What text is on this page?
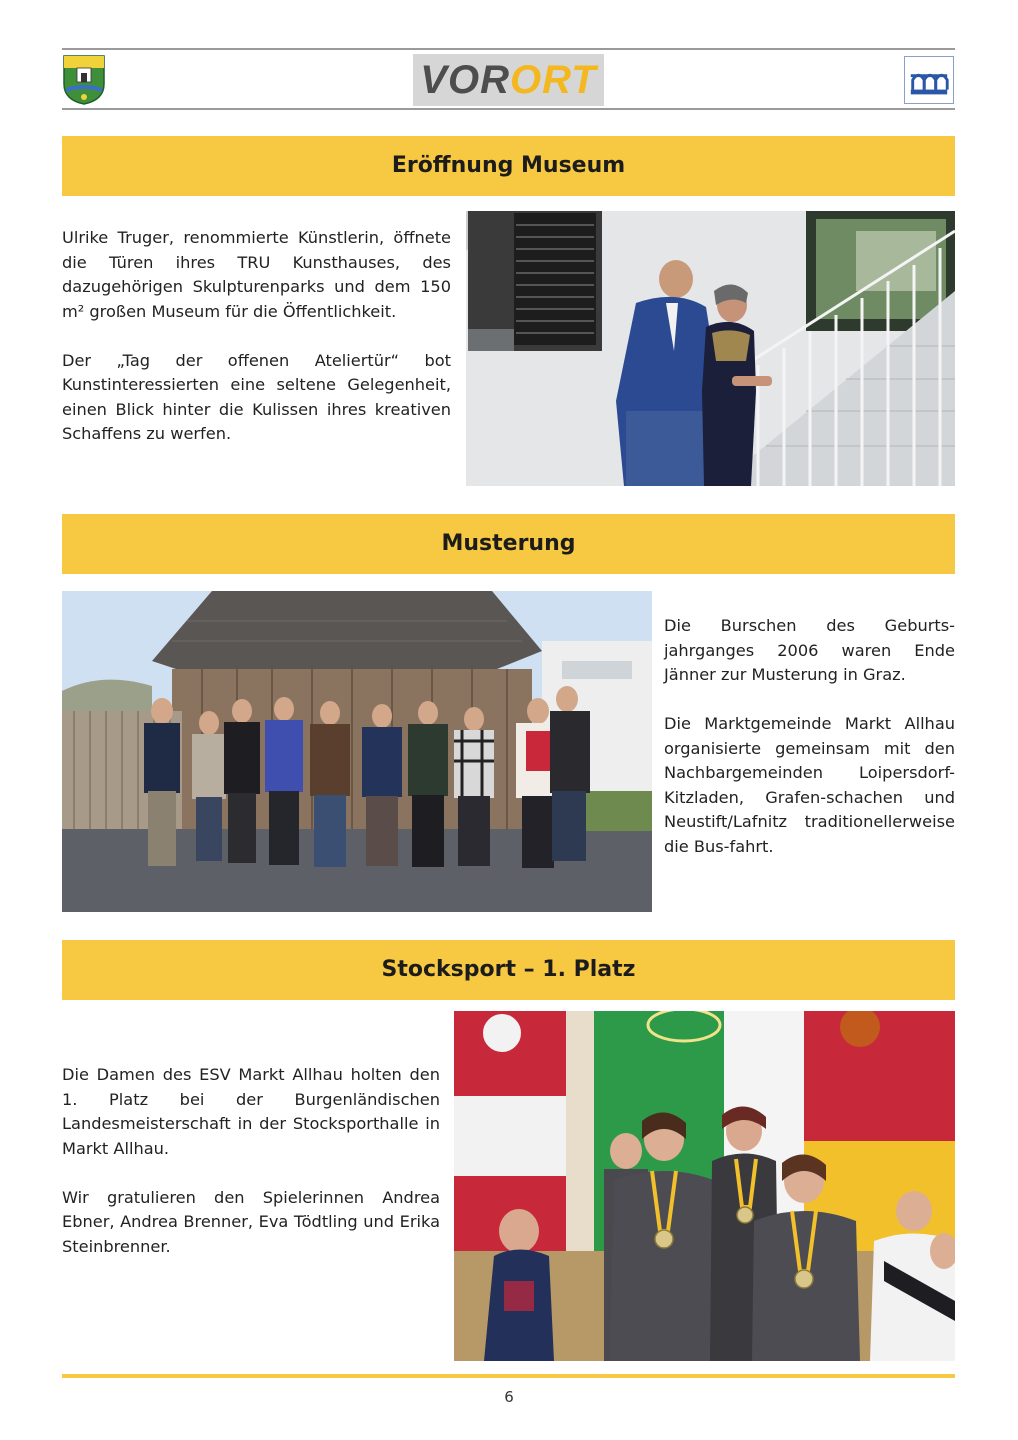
VORORT
Eröffnung Museum

Ulrike Truger, renommierte Künstlerin, öffnete die Türen ihres TRU Kunsthauses, des dazugehörigen Skulpturenparks und dem 150 m² großen Museum für die Öffentlichkeit.

Der „Tag der offenen Ateliertür“ bot Kunstinteressierten eine seltene Gelegenheit, einen Blick hinter die Kulissen ihres kreativen Schaffens zu werfen.

Musterung

Die Burschen des Geburts-jahrganges 2006 waren Ende Jänner zur Musterung in Graz.

Die Marktgemeinde Markt Allhau organisierte gemeinsam mit den Nachbargemeinden Loipersdorf-Kitzladen, Grafen-schachen und Neustift/Lafnitz traditionellerweise die Bus-fahrt.

Stocksport – 1. Platz

Die Damen des ESV Markt Allhau holten den 1. Platz bei der Burgenländischen Landesmeisterschaft in der Stocksporthalle in Markt Allhau.

Wir gratulieren den Spielerinnen Andrea Ebner, Andrea Brenner, Eva Tödtling und Erika Steinbrenner.

6
